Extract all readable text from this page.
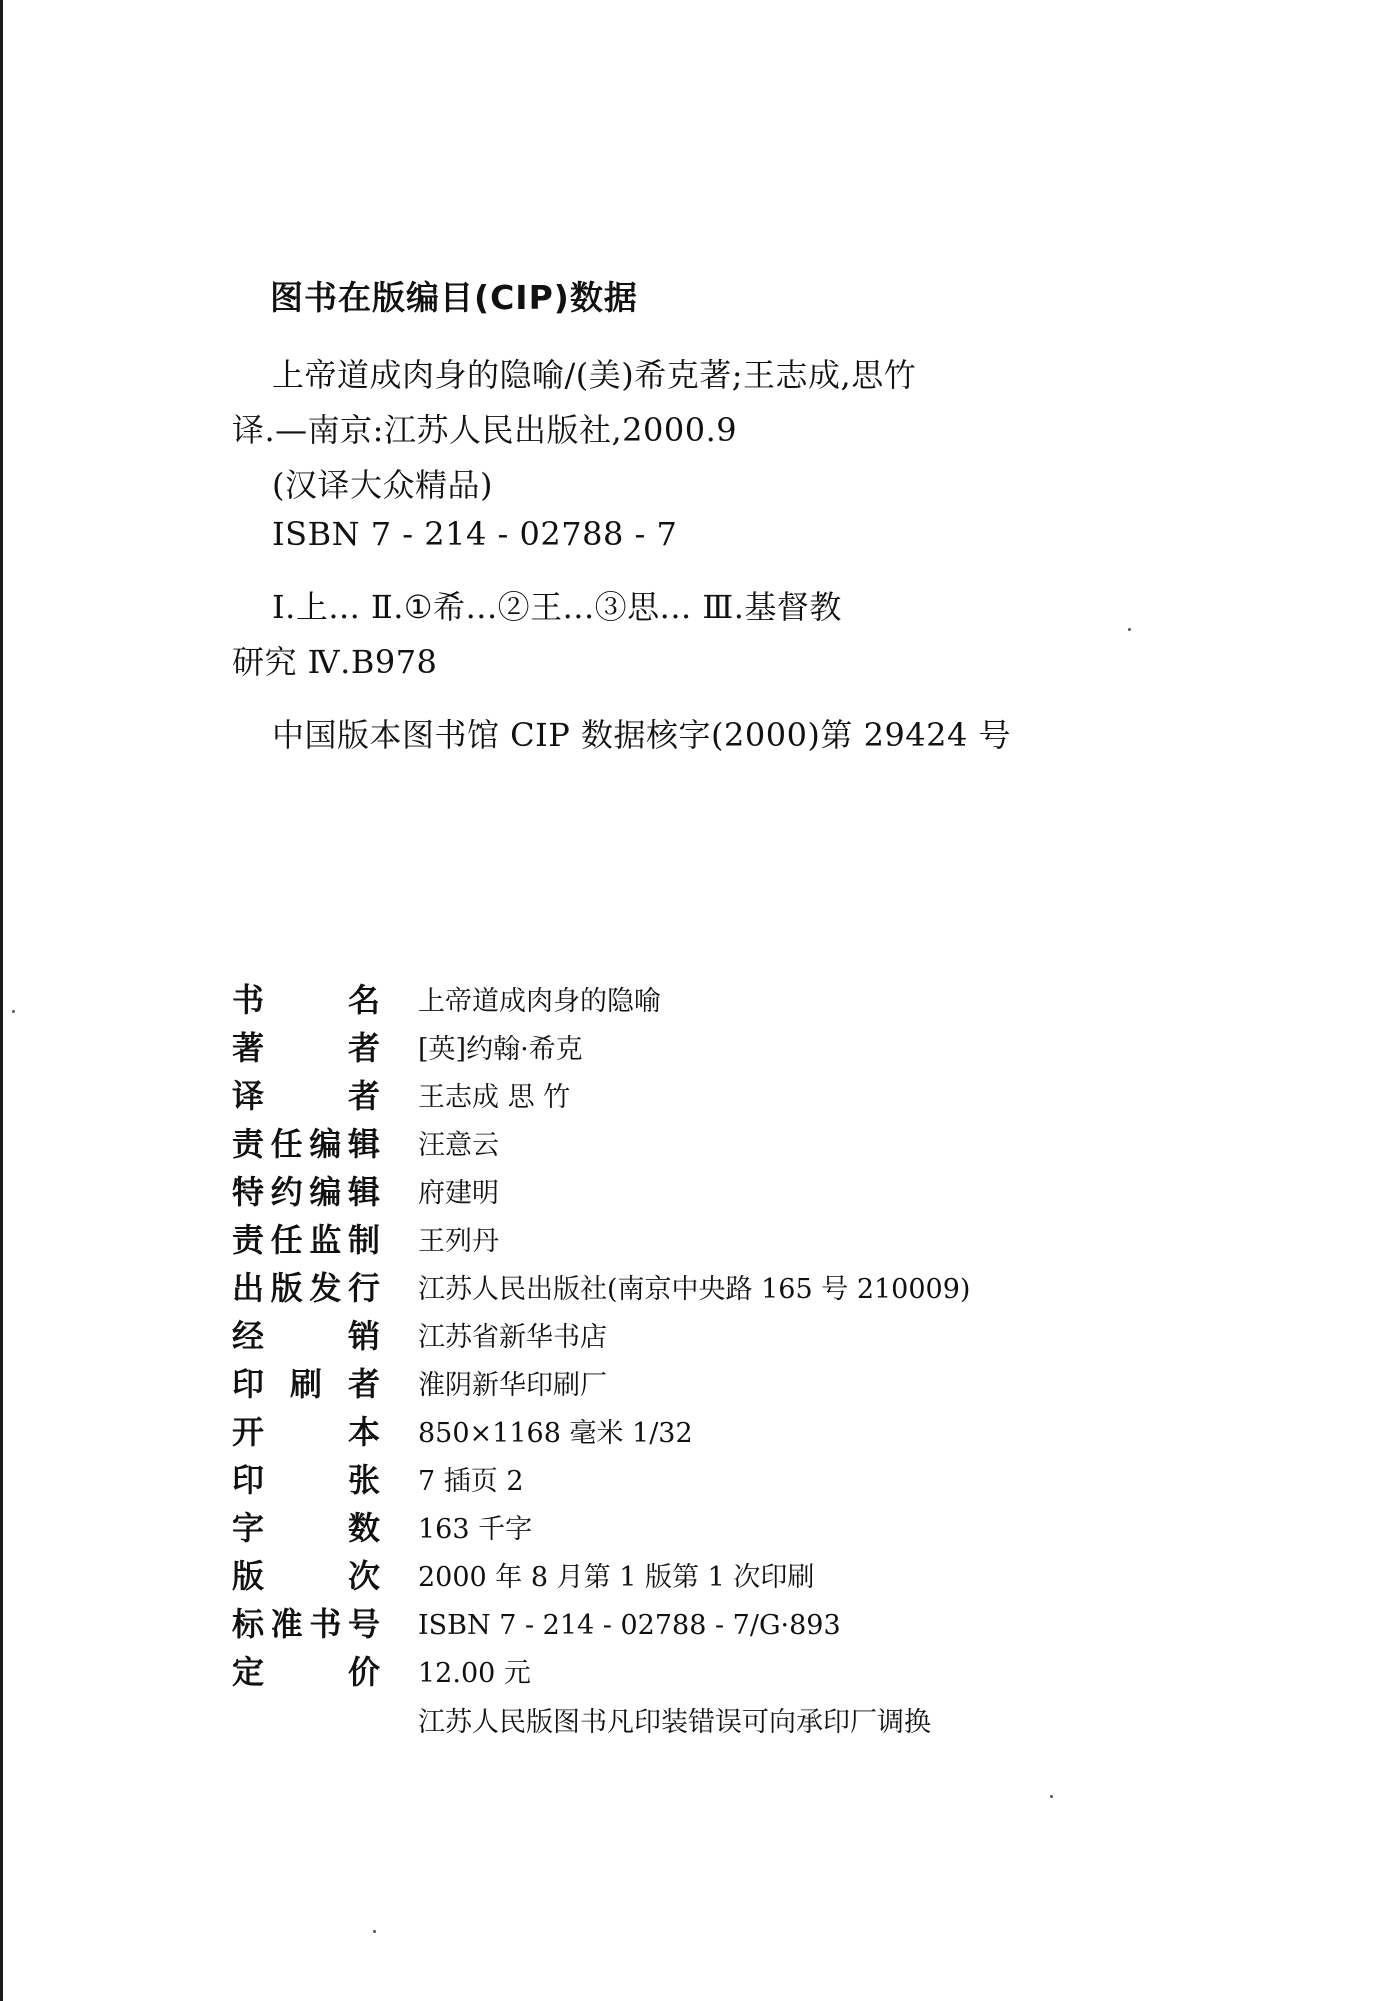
图书在版编目(CIP)数据
上帝道成肉身的隐喻/(美)希克著;王志成,思竹
译.—南京:江苏人民出版社,2000.9
(汉译大众精品)
ISBN 7 - 214 - 02788 - 7
Ⅰ.上... Ⅱ.①希...②王...③思... Ⅲ.基督教
研究 Ⅳ.B978
中国版本图书馆 CIP 数据核字(2000)第 29424 号
书名 上帝道成肉身的隐喻
著者 [英]约翰·希克
译者 王志成 思 竹
责任编辑 汪意云
特约编辑 府建明
责任监制 王列丹
出版发行 江苏人民出版社(南京中央路 165 号 210009)
经销 江苏省新华书店
印刷者 淮阴新华印刷厂
开本 850×1168 毫米 1/32
印张 7 插页 2
字数 163 千字
版次 2000 年 8 月第 1 版第 1 次印刷
标准书号 ISBN 7 - 214 - 02788 - 7/G·893
定价 12.00 元
江苏人民版图书凡印装错误可向承印厂调换
